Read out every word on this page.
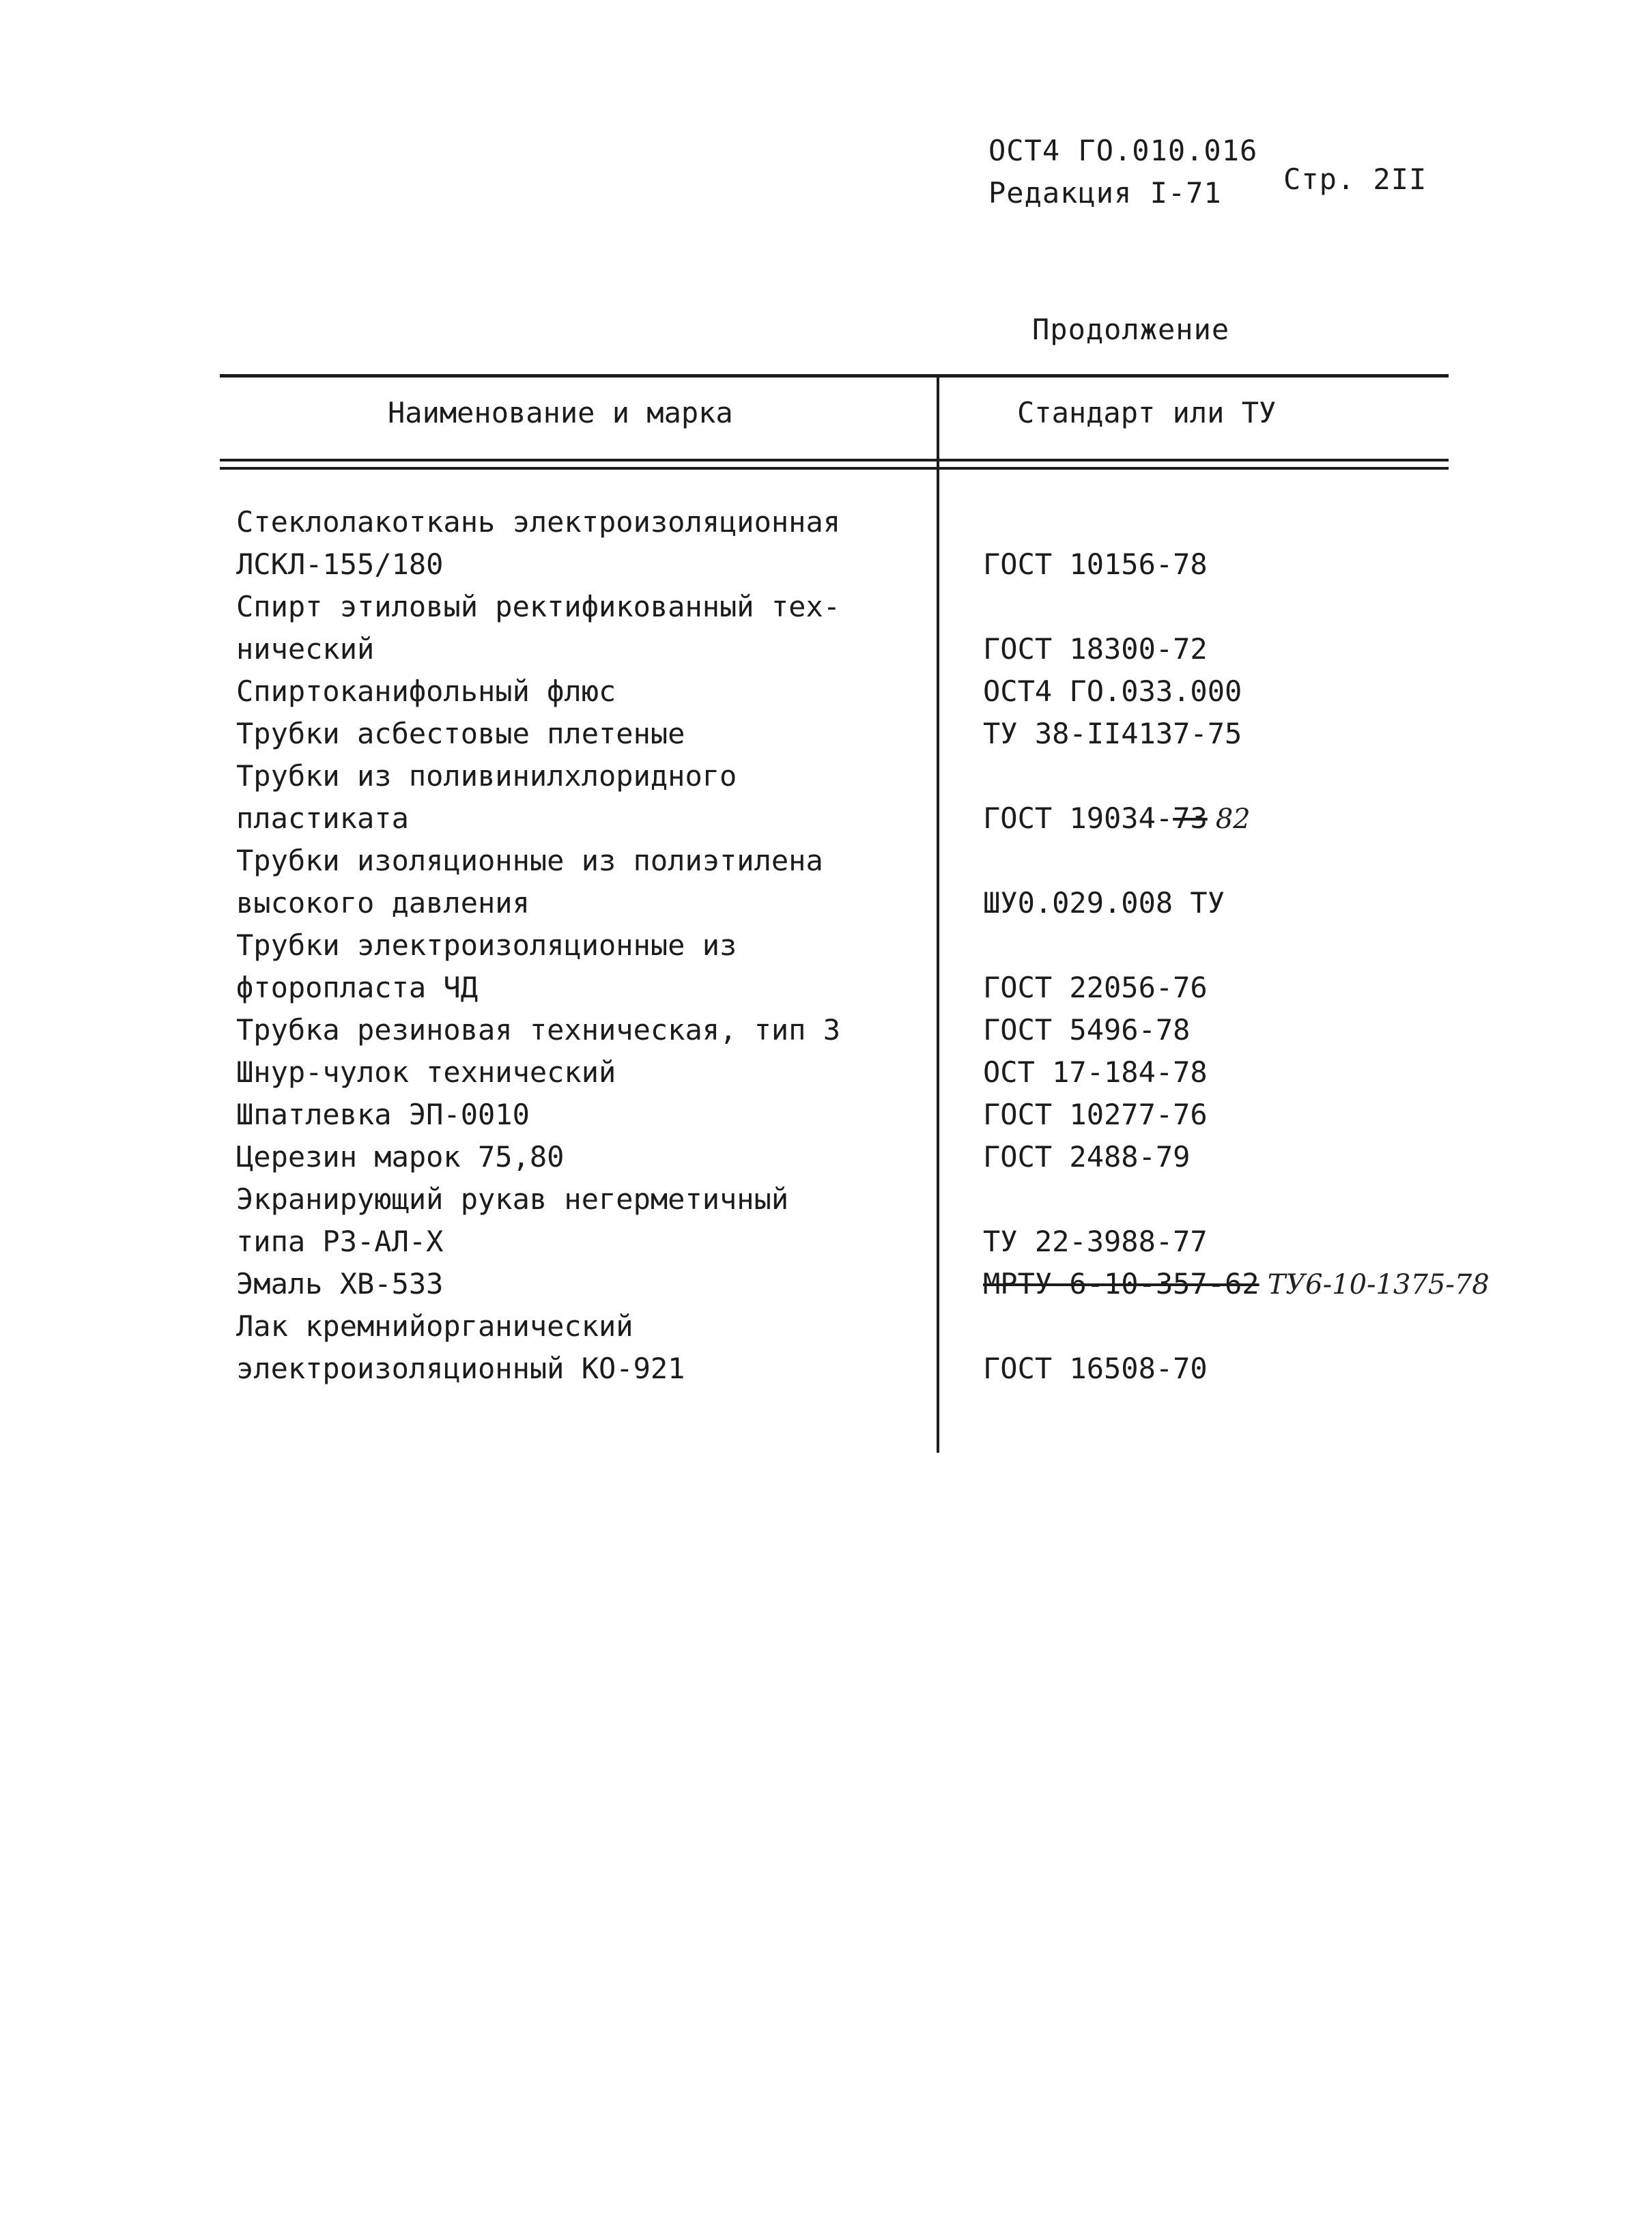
ОСТ4 ГО.010.016
Редакция I-71 Стр. 2II
Продолжение
Наименование и марка	Стандарт или ТУ
Стеклолакоткань электроизоляционная
ЛСКЛ-155/180	ГОСТ 10156-78
Спирт этиловый ректификованный тех-
нический	ГОСТ 18300-72
Спиртоканифольный флюс	ОСТ4 ГО.033.000
Трубки асбестовые плетеные	ТУ 38-II4137-75
Трубки из поливинилхлоридного
пластиката	ГОСТ 19034-73 82
Трубки изоляционные из полиэтилена
высокого давления	ШУ0.029.008 ТУ
Трубки электроизоляционные из
фторопласта ЧД	ГОСТ 22056-76
Трубка резиновая техническая, тип 3	ГОСТ 5496-78
Шнур-чулок технический	ОСТ 17-184-78
Шпатлевка ЭП-0010	ГОСТ 10277-76
Церезин марок 75,80	ГОСТ 2488-79
Экранирующий рукав негерметичный
типа РЗ-АЛ-Х	ТУ 22-3988-77
Эмаль ХВ-533	МРТУ 6-10-357-62 ТУ6-10-1375-78
Лак кремнийорганический
электроизоляционный КО-921	ГОСТ 16508-70
